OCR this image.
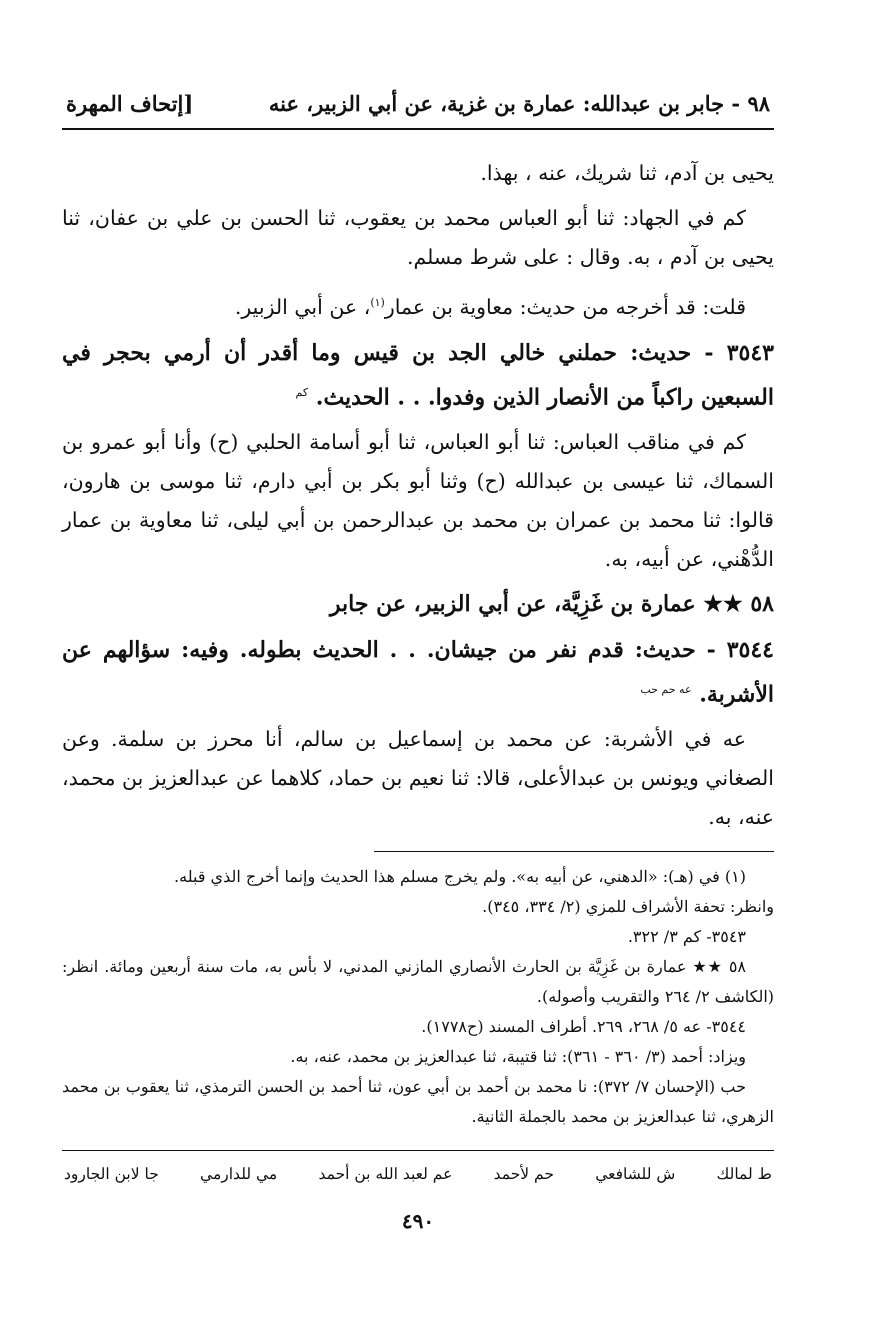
٩٨ - جابر بن عبدالله: عمارة بن غزية، عن أبي الزبير، عنه
[إتحاف المهرة

يحيى بن آدم، ثنا شريك، عنه ، بهذا.

كم في الجهاد: ثنا أبو العباس محمد بن يعقوب، ثنا الحسن بن علي بن عفان، ثنا يحيى بن آدم ، به. وقال : على شرط مسلم.

قلت: قد أخرجه من حديث: معاوية بن عمار$^{(١)}$، عن أبي الزبير.

٣٥٤٣ - حديث: حملني خالي الجد بن قيس وما أقدر أن أرمي بحجر في السبعين راكباً من الأنصار الذين وفدوا. . . الحديث. $^{كم}$

كم في مناقب العباس: ثنا أبو العباس، ثنا أبو أسامة الحلبي (ح) وأنا أبو عمرو بن السماك، ثنا عيسى بن عبدالله (ح) وثنا أبو بكر بن أبي دارم، ثنا موسى بن هارون، قالوا: ثنا محمد بن عمران بن محمد بن عبدالرحمن بن أبي ليلى، ثنا معاوية بن عمار الدُّهْني، عن أبيه، به.

٥٨ ★★ عمارة بن غَزِيَّة، عن أبي الزبير، عن جابر

٣٥٤٤ - حديث: قدم نفر من جيشان. . . الحديث بطوله. وفيه: سؤالهم عن الأشربة. $^{عه حم حب}$

عه في الأشربة: عن محمد بن إسماعيل بن سالم، أنا محرز بن سلمة. وعن الصغاني ويونس بن عبدالأعلى، قالا: ثنا نعيم بن حماد، كلاهما عن عبدالعزيز بن محمد، عنه، به.

(١) في (هـ): «الدهني، عن أبيه به». ولم يخرج مسلم هذا الحديث وإنما أخرج الذي قبله.

وانظر: تحفة الأشراف للمزي (٢/ ٣٣٤، ٣٤٥).

٣٥٤٣- كم ٣/ ٣٢٢.

٥٨ ★★ عمارة بن غَزِيَّة بن الحارث الأنصاري المازني المدني، لا بأس به، مات سنة أربعين ومائة. انظر: (الكاشف ٢/ ٢٦٤ والتقريب وأصوله).

٣٥٤٤- عه ٥/ ٢٦٨، ٢٦٩. أطراف المسند (ح١٧٧٨).

ويزاد: أحمد (٣/ ٣٦٠ - ٣٦١): ثنا قتيبة، ثنا عبدالعزيز بن محمد، عنه، به.

حب (الإحسان ٧/ ٣٧٢): نا محمد بن أحمد بن أبي عون، ثنا أحمد بن الحسن الترمذي، ثنا يعقوب بن محمد الزهري، ثنا عبدالعزيز بن محمد بالجملة الثانية.

ط لمالك
ش للشافعي
حم لأحمد
عم لعبد الله بن أحمد
مي للدارمي
جا لابن الجارود
٤٩٠
